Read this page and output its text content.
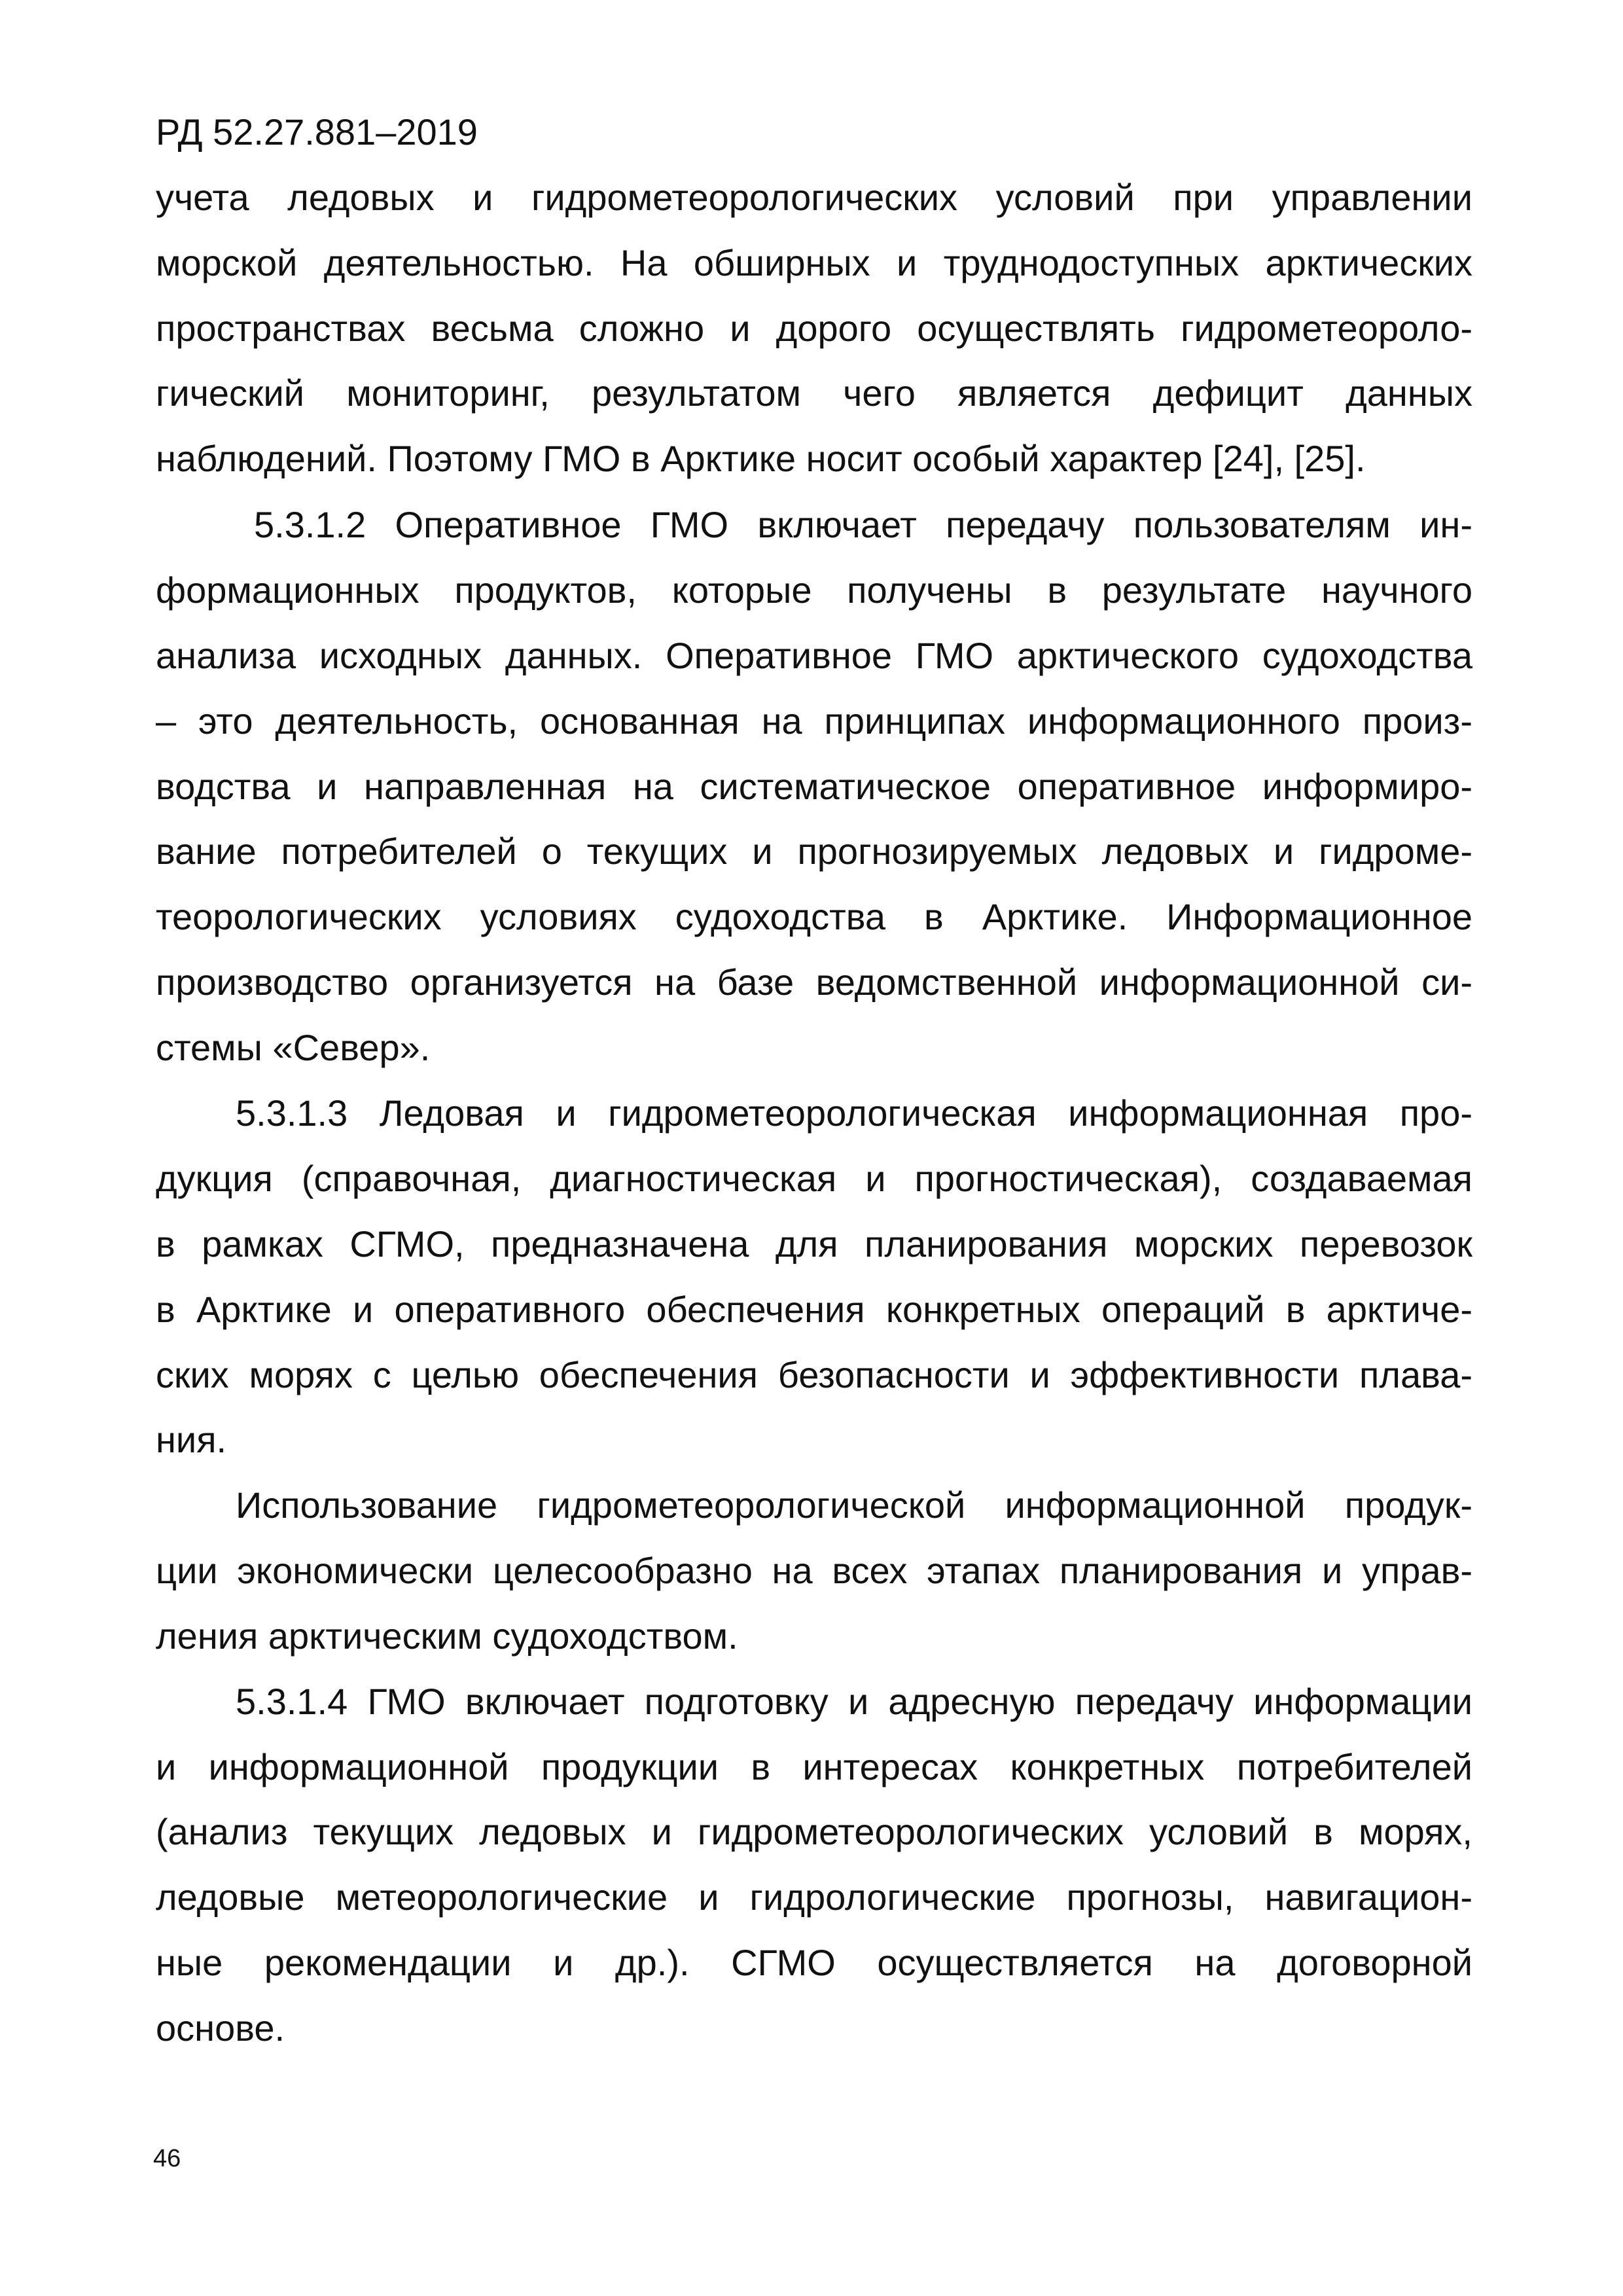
РД 52.27.881–2019
учета ледовых и гидрометеорологических условий при управлении
морской деятельностью. На обширных и труднодоступных арктических
пространствах весьма сложно и дорого осуществлять гидрометеороло-
гический мониторинг, результатом чего является дефицит данных
наблюдений. Поэтому ГМО в Арктике носит особый характер [24], [25].
5.3.1.2 Оперативное ГМО включает передачу пользователям ин-
формационных продуктов, которые получены в результате научного
анализа исходных данных. Оперативное ГМО арктического судоходства
– это деятельность, основанная на принципах информационного произ-
водства и направленная на систематическое оперативное информиро-
вание потребителей о текущих и прогнозируемых ледовых и гидроме-
теорологических условиях судоходства в Арктике. Информационное
производство организуется на базе ведомственной информационной си-
стемы «Север».
5.3.1.3 Ледовая и гидрометеорологическая информационная про-
дукция (справочная, диагностическая и прогностическая), создаваемая
в рамках СГМО, предназначена для планирования морских перевозок
в Арктике и оперативного обеспечения конкретных операций в арктиче-
ских морях с целью обеспечения безопасности и эффективности плава-
ния.
Использование гидрометеорологической информационной продук-
ции экономически целесообразно на всех этапах планирования и управ-
ления арктическим судоходством.
5.3.1.4 ГМО включает подготовку и адресную передачу информации
и информационной продукции в интересах конкретных потребителей
(анализ текущих ледовых и гидрометеорологических условий в морях,
ледовые метеорологические и гидрологические прогнозы, навигацион-
ные рекомендации и др.). СГМО осуществляется на договорной
основе.
46
